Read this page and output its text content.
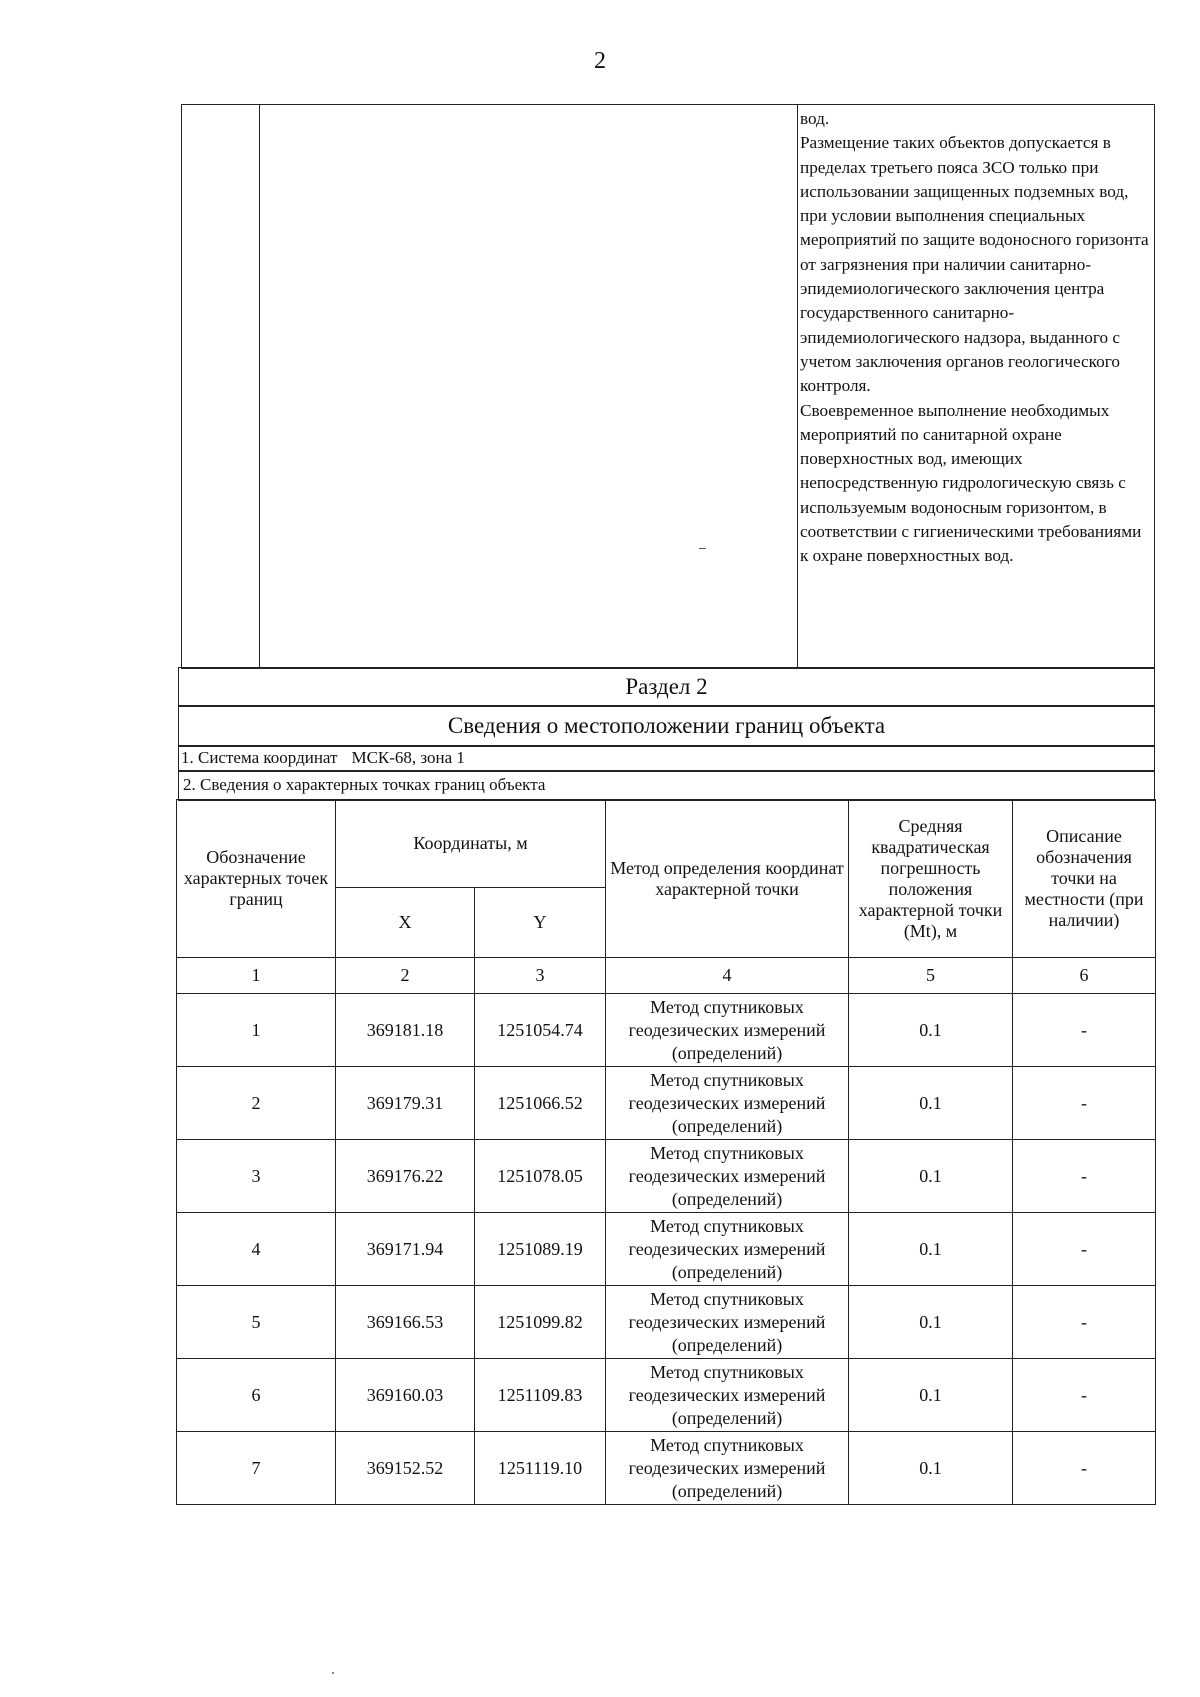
2
вод.
Размещение таких объектов допускается в пределах третьего пояса ЗСО только при использовании защищенных подземных вод, при условии выполнения специальных мероприятий по защите водоносного горизонта от загрязнения при наличии санитарно-эпидемиологического заключения центра государственного санитарно-эпидемиологического надзора, выданного с учетом заключения органов геологического контроля.
Своевременное выполнение необходимых мероприятий по санитарной охране поверхностных вод, имеющих непосредственную гидрологическую связь с используемым водоносным горизонтом, в соответствии с гигиеническими требованиями к охране поверхностных вод.
Раздел 2
Сведения о местоположении границ объекта
1. Система координат МСК-68, зона 1
2. Сведения о характерных точках границ объекта
Обозначение характерных точек границ	Координаты, м		Метод определения координат характерной точки	Средняя квадратическая погрешность положения характерной точки (Mt), м	Описание обозначения точки на местности (при наличии)
	X	Y			
1	2	3	4	5	6
1	369181.18	1251054.74	Метод спутниковых геодезических измерений (определений)	0.1	-
2	369179.31	1251066.52	Метод спутниковых геодезических измерений (определений)	0.1	-
3	369176.22	1251078.05	Метод спутниковых геодезических измерений (определений)	0.1	-
4	369171.94	1251089.19	Метод спутниковых геодезических измерений (определений)	0.1	-
5	369166.53	1251099.82	Метод спутниковых геодезических измерений (определений)	0.1	-
6	369160.03	1251109.83	Метод спутниковых геодезических измерений (определений)	0.1	-
7	369152.52	1251119.10	Метод спутниковых геодезических измерений (определений)	0.1	-
